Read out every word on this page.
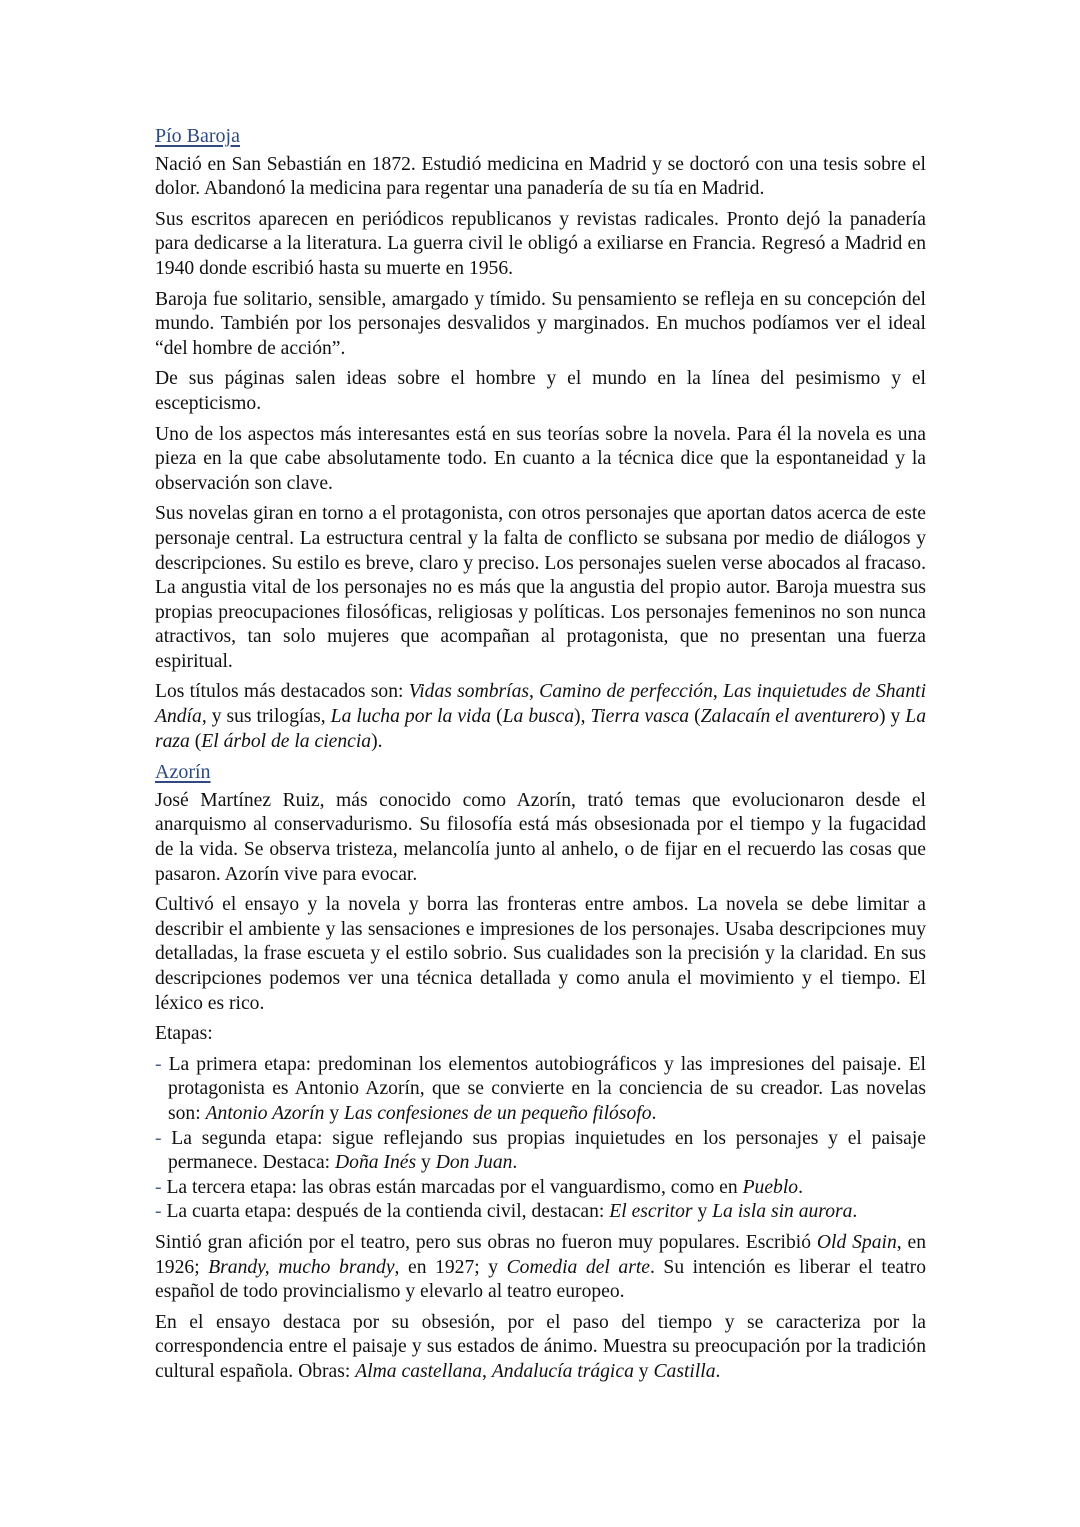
Pío Baroja

Nació en San Sebastián en 1872. Estudió medicina en Madrid y se doctoró con una tesis sobre el dolor. Abandonó la medicina para regentar una panadería de su tía en Madrid.

Sus escritos aparecen en periódicos republicanos y revistas radicales. Pronto dejó la panadería para dedicarse a la literatura. La guerra civil le obligó a exiliarse en Francia. Regresó a Madrid en 1940 donde escribió hasta su muerte en 1956.

Baroja fue solitario, sensible, amargado y tímido. Su pensamiento se refleja en su concepción del mundo. También por los personajes desvalidos y marginados. En muchos podíamos ver el ideal “del hombre de acción”.

De sus páginas salen ideas sobre el hombre y el mundo en la línea del pesimismo y el escepticismo.

Uno de los aspectos más interesantes está en sus teorías sobre la novela. Para él la novela es una pieza en la que cabe absolutamente todo. En cuanto a la técnica dice que la espontaneidad y la observación son clave.

Sus novelas giran en torno a el protagonista, con otros personajes que aportan datos acerca de este personaje central. La estructura central y la falta de conflicto se subsana por medio de diálogos y descripciones. Su estilo es breve, claro y preciso. Los personajes suelen verse abocados al fracaso. La angustia vital de los personajes no es más que la angustia del propio autor. Baroja muestra sus propias preocupaciones filosóficas, religiosas y políticas. Los personajes femeninos no son nunca atractivos, tan solo mujeres que acompañan al protagonista, que no presentan una fuerza espiritual.

Los títulos más destacados son: Vidas sombrías, Camino de perfección, Las inquietudes de Shanti Andía, y sus trilogías, La lucha por la vida (La busca), Tierra vasca (Zalacaín el aventurero) y La raza (El árbol de la ciencia).

Azorín

José Martínez Ruiz, más conocido como Azorín, trató temas que evolucionaron desde el anarquismo al conservadurismo. Su filosofía está más obsesionada por el tiempo y la fugacidad de la vida. Se observa tristeza, melancolía junto al anhelo, o de fijar en el recuerdo las cosas que pasaron. Azorín vive para evocar.

Cultivó el ensayo y la novela y borra las fronteras entre ambos. La novela se debe limitar a describir el ambiente y las sensaciones e impresiones de los personajes. Usaba descripciones muy detalladas, la frase escueta y el estilo sobrio. Sus cualidades son la precisión y la claridad. En sus descripciones podemos ver una técnica detallada y como anula el movimiento y el tiempo. El léxico es rico.

Etapas:

- La primera etapa: predominan los elementos autobiográficos y las impresiones del paisaje. El protagonista es Antonio Azorín, que se convierte en la conciencia de su creador. Las novelas son: Antonio Azorín y Las confesiones de un pequeño filósofo.
- La segunda etapa: sigue reflejando sus propias inquietudes en los personajes y el paisaje permanece. Destaca: Doña Inés y Don Juan.
- La tercera etapa: las obras están marcadas por el vanguardismo, como en Pueblo.
- La cuarta etapa: después de la contienda civil, destacan: El escritor y La isla sin aurora.

Sintió gran afición por el teatro, pero sus obras no fueron muy populares. Escribió Old Spain, en 1926; Brandy, mucho brandy, en 1927; y Comedia del arte. Su intención es liberar el teatro español de todo provincialismo y elevarlo al teatro europeo.

En el ensayo destaca por su obsesión, por el paso del tiempo y se caracteriza por la correspondencia entre el paisaje y sus estados de ánimo. Muestra su preocupación por la tradición cultural española. Obras: Alma castellana, Andalucía trágica y Castilla.
